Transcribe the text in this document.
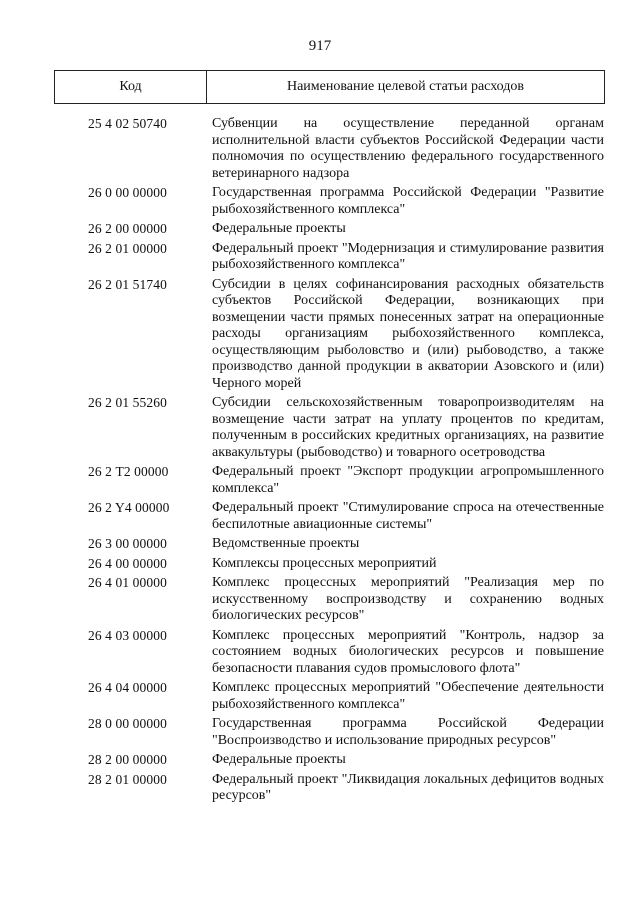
917
Код	Наименование целевой статьи расходов
25 4 02 50740	Субвенции на осуществление переданной органам исполнительной власти субъектов Российской Федерации части полномочия по осуществлению федерального государственного ветеринарного надзора
26 0 00 00000	Государственная программа Российской Федерации "Развитие рыбохозяйственного комплекса"
26 2 00 00000	Федеральные проекты
26 2 01 00000	Федеральный проект "Модернизация и стимулирование развития рыбохозяйственного комплекса"
26 2 01 51740	Субсидии в целях софинансирования расходных обязательств субъектов Российской Федерации, возникающих при возмещении части прямых понесенных затрат на операционные расходы организациям рыбохозяйственного комплекса, осуществляющим рыболовство и (или) рыбоводство, а также производство данной продукции в акватории Азовского и (или) Черного морей
26 2 01 55260	Субсидии сельскохозяйственным товаропроизводителям на возмещение части затрат на уплату процентов по кредитам, полученным в российских кредитных организациях, на развитие аквакультуры (рыбоводство) и товарного осетроводства
26 2 Т2 00000	Федеральный проект "Экспорт продукции агропромышленного комплекса"
26 2 Y4 00000	Федеральный проект "Стимулирование спроса на отечественные беспилотные авиационные системы"
26 3 00 00000	Ведомственные проекты
26 4 00 00000	Комплексы процессных мероприятий
26 4 01 00000	Комплекс процессных мероприятий "Реализация мер по искусственному воспроизводству и сохранению водных биологических ресурсов"
26 4 03 00000	Комплекс процессных мероприятий "Контроль, надзор за состоянием водных биологических ресурсов и повышение безопасности плавания судов промыслового флота"
26 4 04 00000	Комплекс процессных мероприятий "Обеспечение деятельности рыбохозяйственного комплекса"
28 0 00 00000	Государственная программа Российской Федерации "Воспроизводство и использование природных ресурсов"
28 2 00 00000	Федеральные проекты
28 2 01 00000	Федеральный проект "Ликвидация локальных дефицитов водных ресурсов"
